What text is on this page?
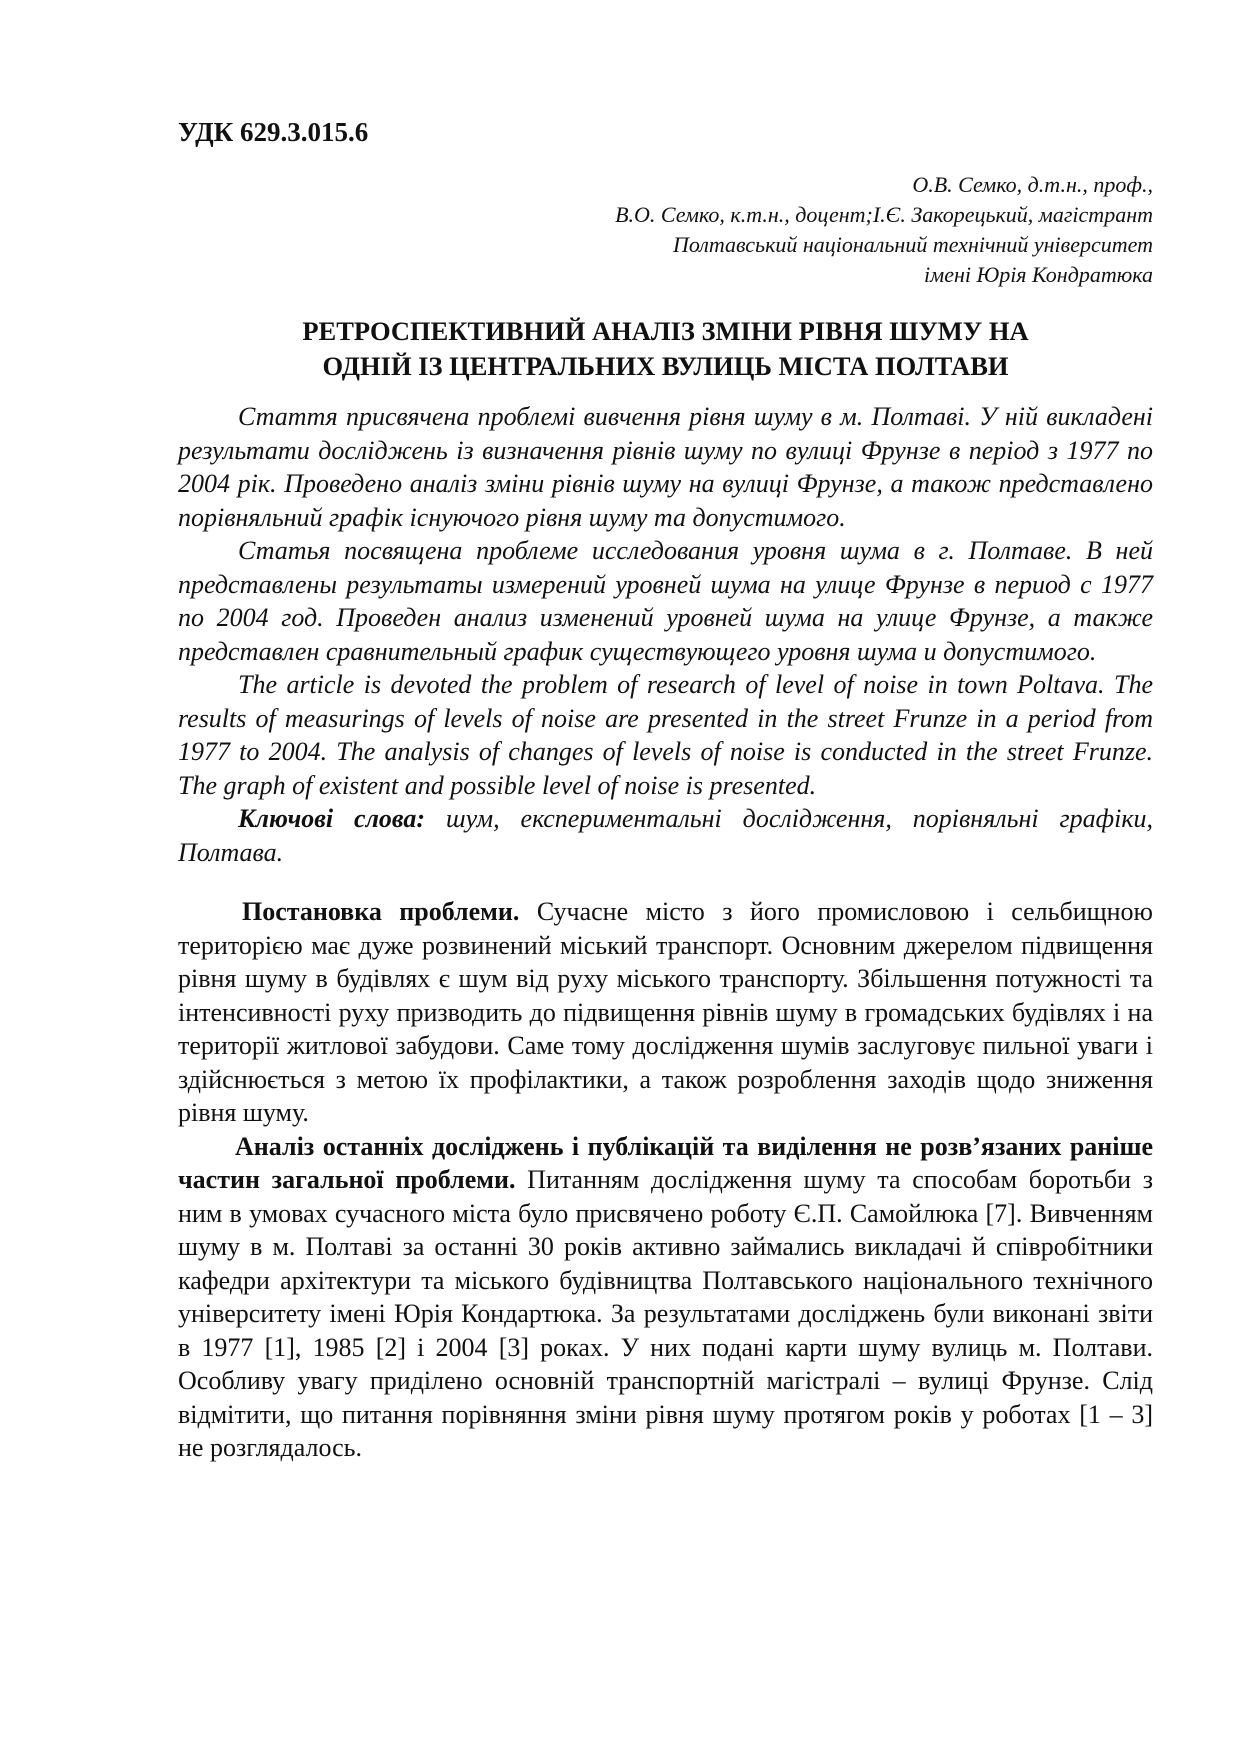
УДК 629.3.015.6
О.В. Семко, д.т.н., проф.,
В.О. Семко, к.т.н., доцент;І.Є. Закорецький, магістрант
Полтавський національний технічний університет
імені Юрія Кондратюка
РЕТРОСПЕКТИВНИЙ АНАЛІЗ ЗМІНИ РІВНЯ ШУМУ НА
ОДНІЙ ІЗ ЦЕНТРАЛЬНИХ ВУЛИЦЬ МІСТА ПОЛТАВИ

Стаття присвячена проблемі вивчення рівня шуму в м. Полтаві. У ній викладені результати досліджень із визначення рівнів шуму по вулиці Фрунзе в період з 1977 по 2004 рік. Проведено аналіз зміни рівнів шуму на вулиці Фрунзе, а також представлено порівняльний графік існуючого рівня шуму та допустимого.

Статья посвящена проблеме исследования уровня шума в г. Полтаве. В ней представлены результаты измерений уровней шума на улице Фрунзе в период с 1977 по 2004 год. Проведен анализ изменений уровней шума на улице Фрунзе, а также представлен сравнительный график существующего уровня шума и допустимого.

The article is devoted the problem of research of level of noise in town Poltava. The results of measurings of levels of noise are presented in the street Frunze in a period from 1977 to 2004. The analysis of changes of levels of noise is conducted in the street Frunze. The graph of existent and possible level of noise is presented.

Ключові слова: шум, експериментальні дослідження, порівняльні графіки, Полтава.

Постановка проблеми. Сучасне місто з його промисловою і сельбищною територією має дуже розвинений міський транспорт. Основним джерелом підвищення рівня шуму в будівлях є шум від руху міського транспорту. Збільшення потужності та інтенсивності руху призводить до підвищення рівнів шуму в громадських будівлях і на території житлової забудови. Саме тому дослідження шумів заслуговує пильної уваги і здійснюється з метою їх профілактики, а також розроблення заходів щодо зниження рівня шуму.

Аналіз останніх досліджень і публікацій та виділення не розв’язаних раніше частин загальної проблеми. Питанням дослідження шуму та способам боротьби з ним в умовах сучасного міста було присвячено роботу Є.П. Самойлюка [7]. Вивченням шуму в м. Полтаві за останні 30 років активно займались викладачі й співробітники кафедри архітектури та міського будівництва Полтавського національного технічного університету імені Юрія Кондартюка. За результатами досліджень були виконані звіти в 1977 [1], 1985 [2] і 2004 [3] роках. У них подані карти шуму вулиць м. Полтави. Особливу увагу приділено основній транспортній магістралі – вулиці Фрунзе. Слід відмітити, що питання порівняння зміни рівня шуму протягом років у роботах [1 – 3] не розглядалось.
